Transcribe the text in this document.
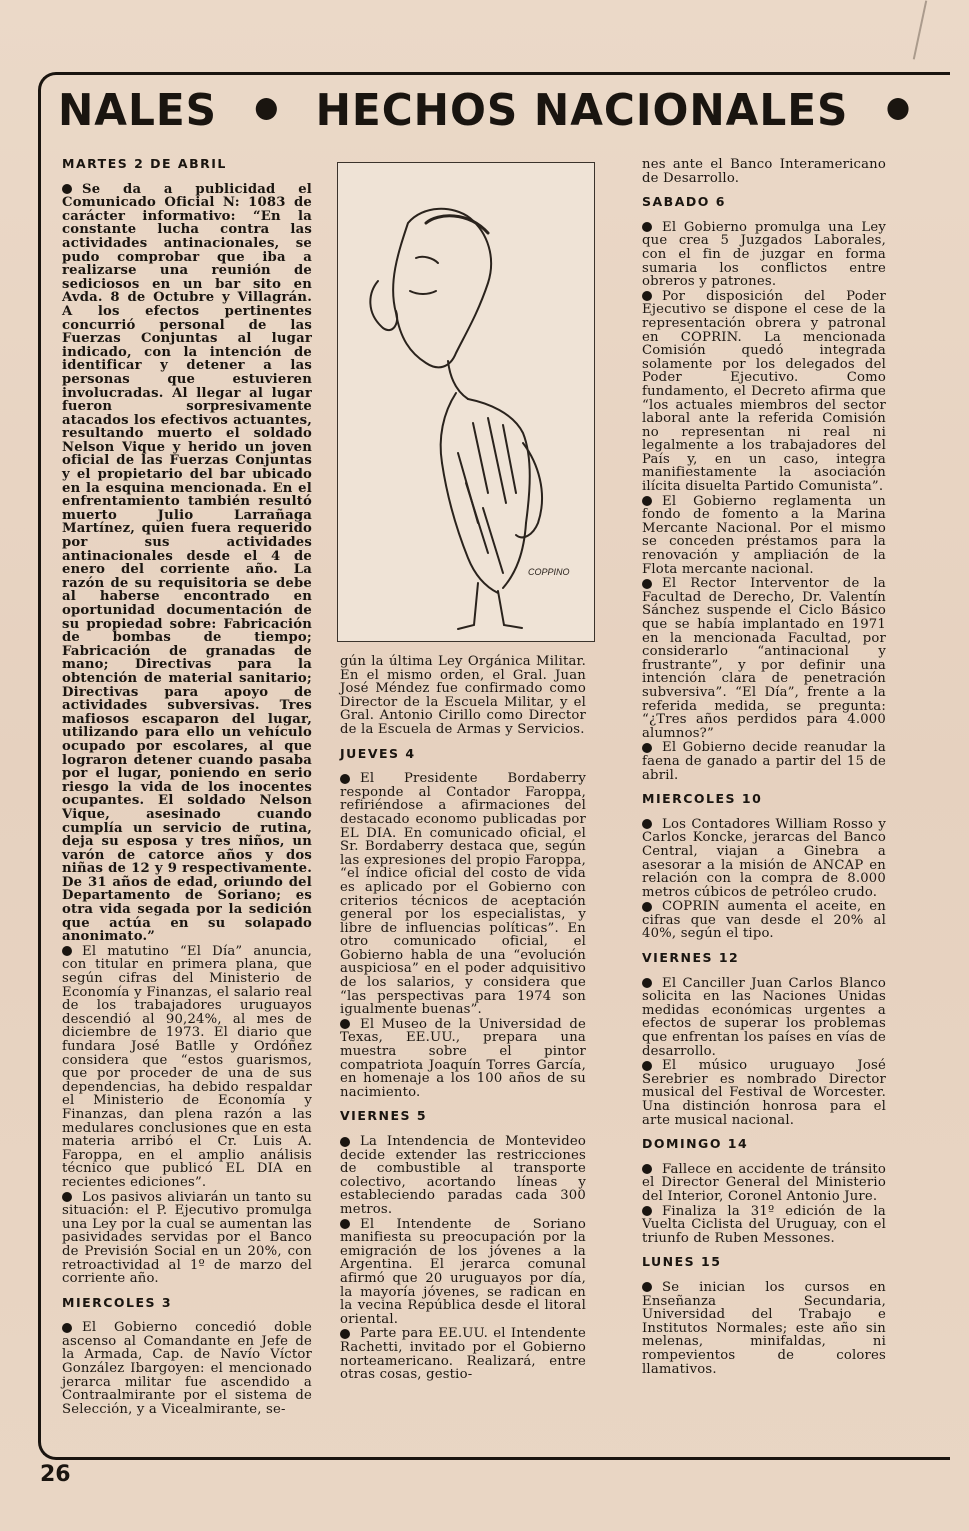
NALES HECHOS NACIONALES
MARTES 2 DE ABRIL
Se da a publicidad el Comunicado Oficial N: 1083 de carácter informativo: “En la constante lucha contra las actividades antinacionales, se pudo comprobar que iba a realizarse una reunión de sediciosos en un bar sito en Avda. 8 de Octubre y Villagrán. A los efectos pertinentes concurrió personal de las Fuerzas Conjuntas al lugar indicado, con la intención de identificar y detener a las personas que estuvieren involucradas. Al llegar al lugar fueron sorpresivamente atacados los efectivos actuantes, resultando muerto el soldado Nelson Vique y herido un joven oficial de las Fuerzas Conjuntas y el propietario del bar ubicado en la esquina mencionada. En el enfrentamiento también resultó muerto Julio Larrañaga Martínez, quien fuera requerido por sus actividades antinacionales desde el 4 de enero del corriente año. La razón de su requisitoria se debe al haberse encontrado en oportunidad documentación de su propiedad sobre: Fabricación de bombas de tiempo; Fabricación de granadas de mano; Directivas para la obtención de material sanitario; Directivas para apoyo de actividades subversivas. Tres mafiosos escaparon del lugar, utilizando para ello un vehículo ocupado por escolares, al que lograron detener cuando pasaba por el lugar, poniendo en serio riesgo la vida de los inocentes ocupantes. El soldado Nelson Vique, asesinado cuando cumplía un servicio de rutina, deja su esposa y tres niños, un varón de catorce años y dos niñas de 12 y 9 respectivamente. De 31 años de edad, oriundo del Departamento de Soriano; es otra vida segada por la sedición que actúa en su solapado anonimato.”
El matutino “El Día” anuncia, con titular en primera plana, que según cifras del Ministerio de Economía y Finanzas, el salario real de los trabajadores uruguayos descendió al 90,24%, al mes de diciembre de 1973. El diario que fundara José Batlle y Ordóñez considera que “estos guarismos, que por proceder de una de sus dependencias, ha debido respaldar el Ministerio de Economía y Finanzas, dan plena razón a las medulares conclusiones que en esta materia arribó el Cr. Luis A. Faroppa, en el amplio análisis técnico que publicó EL DIA en recientes ediciones”.
Los pasivos aliviarán un tanto su situación: el P. Ejecutivo promulga una Ley por la cual se aumentan las pasividades servidas por el Banco de Previsión Social en un 20%, con retroactividad al 1º de marzo del corriente año.
MIERCOLES 3
El Gobierno concedió doble ascenso al Comandante en Jefe de la Armada, Cap. de Navío Víctor González Ibargoyen: el mencionado jerarca militar fue ascendido a Contraalmirante por el sistema de Selección, y a Vicealmirante, se-
COPPINO
gún la última Ley Orgánica Militar. En el mismo orden, el Gral. Juan José Méndez fue confirmado como Director de la Escuela Militar, y el Gral. Antonio Cirillo como Director de la Escuela de Armas y Servicios.
JUEVES 4
El Presidente Bordaberry responde al Contador Faroppa, refiriéndose a afirmaciones del destacado economo publicadas por EL DIA. En comunicado oficial, el Sr. Bordaberry destaca que, según las expresiones del propio Faroppa, “el índice oficial del costo de vida es aplicado por el Gobierno con criterios técnicos de aceptación general por los especialistas, y libre de influencias políticas”. En otro comunicado oficial, el Gobierno habla de una “evolución auspiciosa” en el poder adquisitivo de los salarios, y considera que “las perspectivas para 1974 son igualmente buenas”.
El Museo de la Universidad de Texas, EE.UU., prepara una muestra sobre el pintor compatriota Joaquín Torres García, en homenaje a los 100 años de su nacimiento.
VIERNES 5
La Intendencia de Montevideo decide extender las restricciones de combustible al transporte colectivo, acortando líneas y estableciendo paradas cada 300 metros.
El Intendente de Soriano manifiesta su preocupación por la emigración de los jóvenes a la Argentina. El jerarca comunal afirmó que 20 uruguayos por día, la mayoría jóvenes, se radican en la vecina República desde el litoral oriental.
Parte para EE.UU. el Intendente Rachetti, invitado por el Gobierno norteamericano. Realizará, entre otras cosas, gestio-
nes ante el Banco Interamericano de Desarrollo.
SABADO 6
El Gobierno promulga una Ley que crea 5 Juzgados Laborales, con el fin de juzgar en forma sumaria los conflictos entre obreros y patrones.
Por disposición del Poder Ejecutivo se dispone el cese de la representación obrera y patronal en COPRIN. La mencionada Comisión quedó integrada solamente por los delegados del Poder Ejecutivo. Como fundamento, el Decreto afirma que “los actuales miembros del sector laboral ante la referida Comisión no representan ni real ni legalmente a los trabajadores del País y, en un caso, integra manifiestamente la asociación ilícita disuelta Partido Comunista”.
El Gobierno reglamenta un fondo de fomento a la Marina Mercante Nacional. Por el mismo se conceden préstamos para la renovación y ampliación de la Flota mercante nacional.
El Rector Interventor de la Facultad de Derecho, Dr. Valentín Sánchez suspende el Ciclo Básico que se había implantado en 1971 en la mencionada Facultad, por considerarlo “antinacional y frustrante”, y por definir una intención clara de penetración subversiva”. “El Día”, frente a la referida medida, se pregunta: “¿Tres años perdidos para 4.000 alumnos?”
El Gobierno decide reanudar la faena de ganado a partir del 15 de abril.
MIERCOLES 10
Los Contadores William Rosso y Carlos Koncke, jerarcas del Banco Central, viajan a Ginebra a asesorar a la misión de ANCAP en relación con la compra de 8.000 metros cúbicos de petróleo crudo.
COPRIN aumenta el aceite, en cifras que van desde el 20% al 40%, según el tipo.
VIERNES 12
El Canciller Juan Carlos Blanco solicita en las Naciones Unidas medidas económicas urgentes a efectos de superar los problemas que enfrentan los países en vías de desarrollo.
El músico uruguayo José Serebrier es nombrado Director musical del Festival de Worcester. Una distinción honrosa para el arte musical nacional.
DOMINGO 14
Fallece en accidente de tránsito el Director General del Ministerio del Interior, Coronel Antonio Jure.
Finaliza la 31º edición de la Vuelta Ciclista del Uruguay, con el triunfo de Ruben Messones.
LUNES 15
Se inician los cursos en Enseñanza Secundaria, Universidad del Trabajo e Institutos Normales; este año sin melenas, minifaldas, ni rompevientos de colores llamativos.
26
